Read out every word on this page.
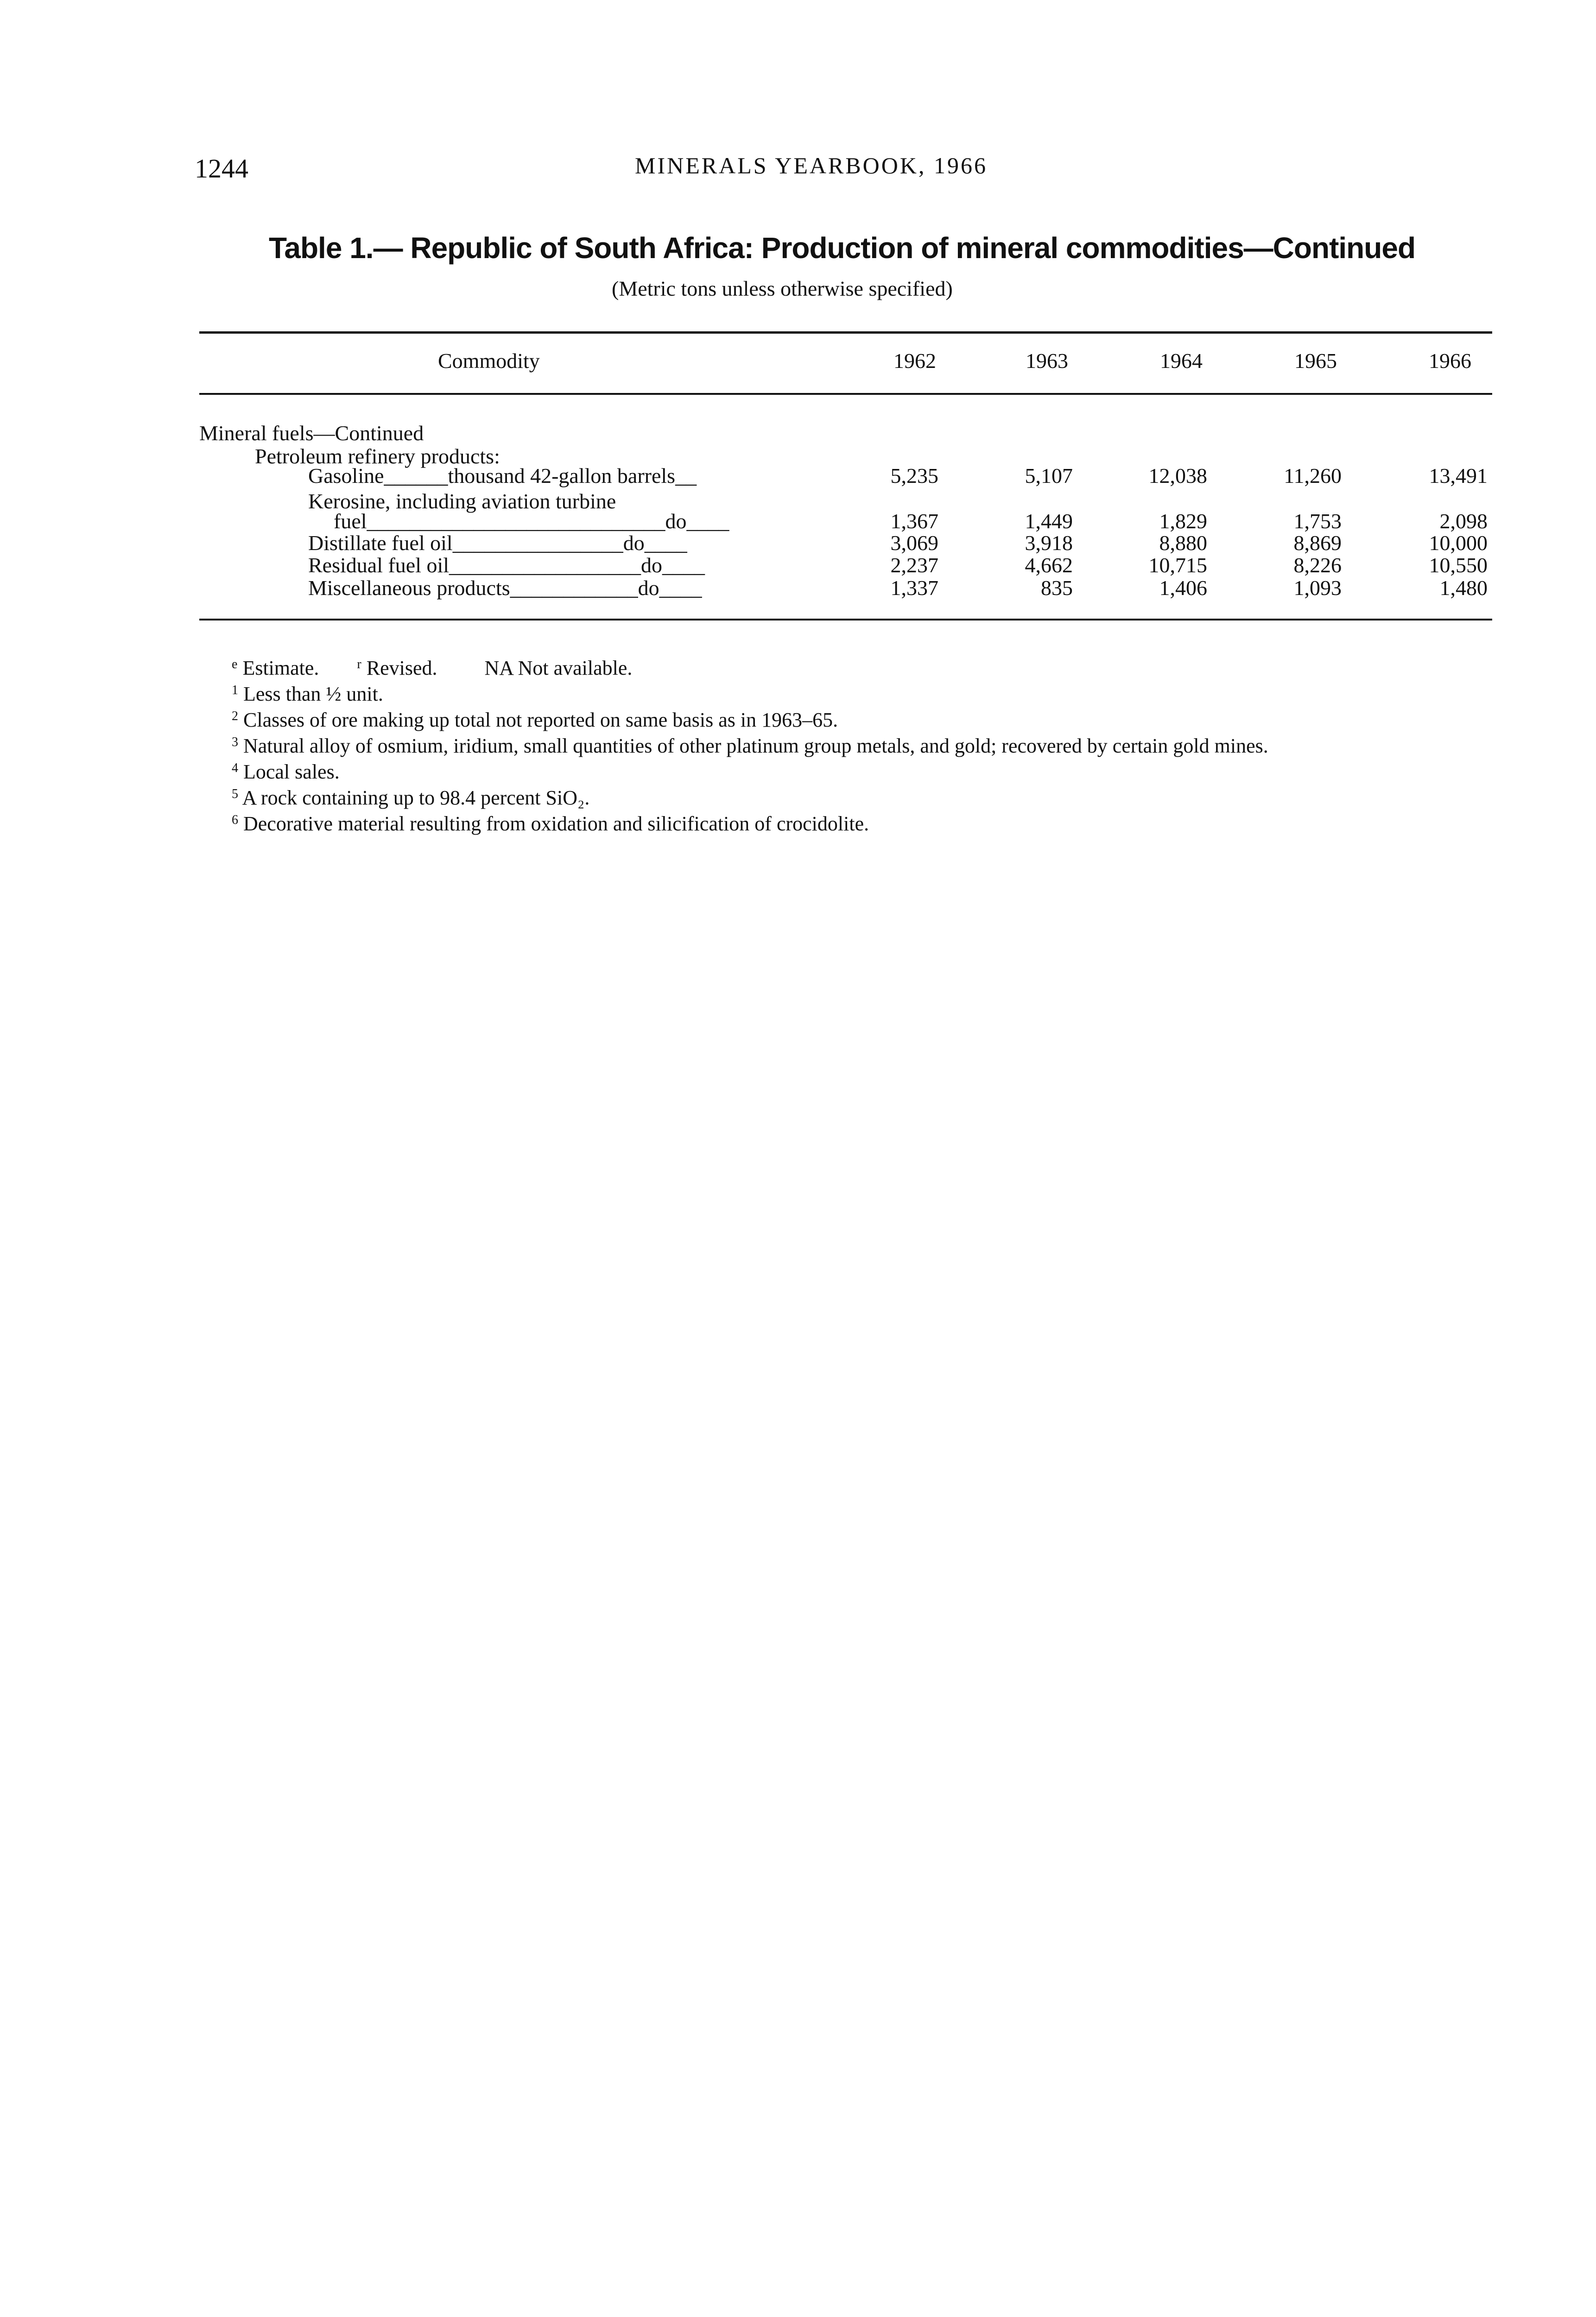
1244	MINERALS YEARBOOK, 1966
Table 1.— Republic of South Africa: Production of mineral commodities—Continued
(Metric tons unless otherwise specified)
Commodity	1962	1963	1964	1965	1966
Mineral fuels—Continued
Petroleum refinery products:
Gasoline______thousand 42-gallon barrels__	5,235	5,107	12,038	11,260	13,491
Kerosine, including aviation turbine
fuel____________________________do____	1,367	1,449	1,829	1,753	2,098
Distillate fuel oil________________do____	3,069	3,918	8,880	8,869	10,000
Residual fuel oil__________________do____	2,237	4,662	10,715	8,226	10,550
Miscellaneous products____________do____	1,337	835	1,406	1,093	1,480
$^e$ Estimate.	$^r$ Revised. NA Not available.
$^1$ Less than ½ unit.
$^2$ Classes of ore making up total not reported on same basis as in 1963–65.
$^3$ Natural alloy of osmium, iridium, small quantities of other platinum group metals, and gold; recovered by certain gold mines.
$^4$ Local sales.
$^5$ A rock containing up to 98.4 percent SiO₂.
$^6$ Decorative material resulting from oxidation and silicification of crocidolite.
